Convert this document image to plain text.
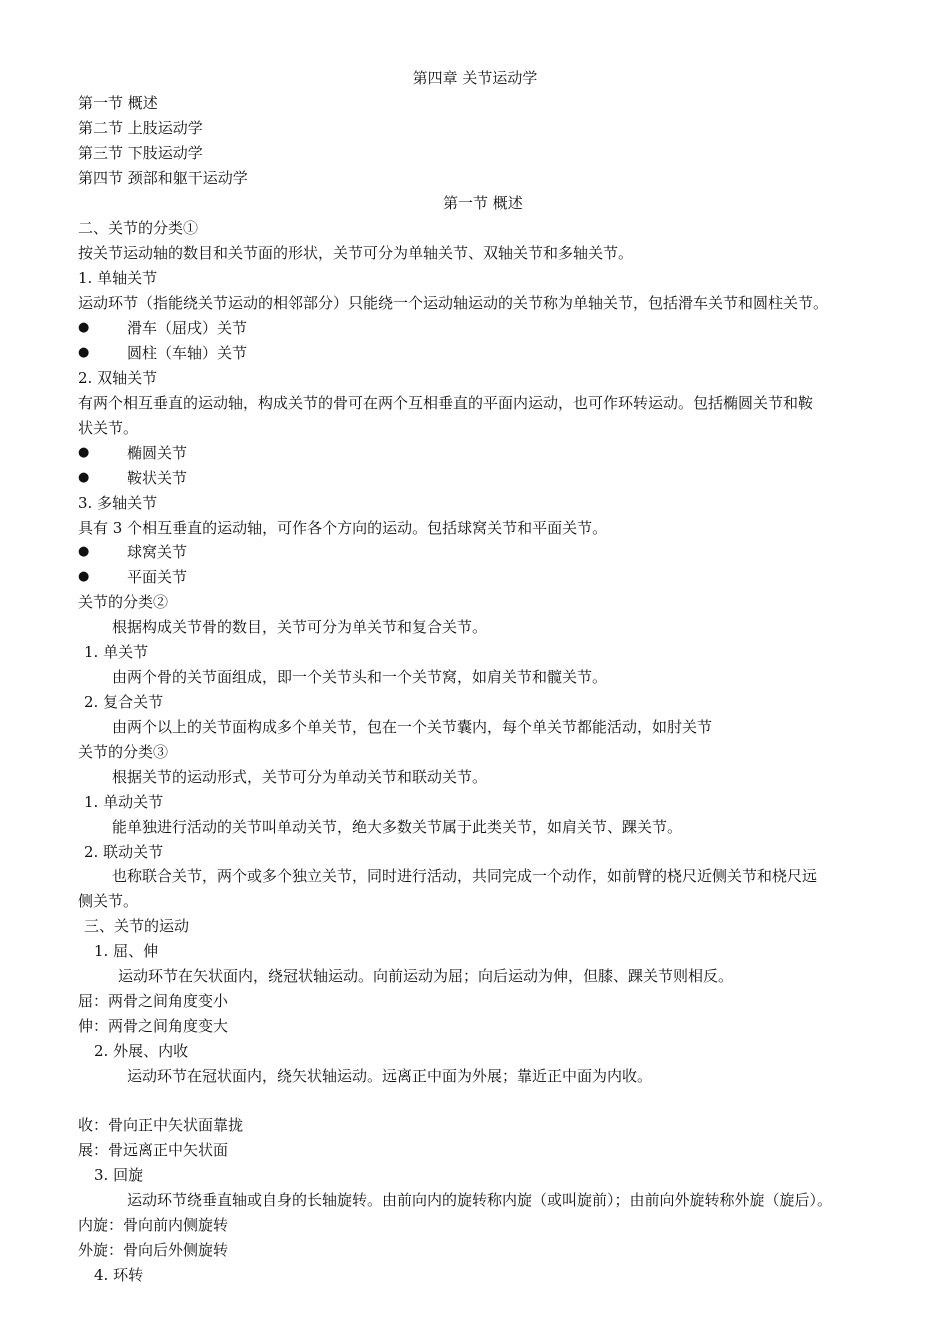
第四章 关节运动学
第一节 概述
第二节 上肢运动学
第三节 下肢运动学
第四节 颈部和躯干运动学
第一节 概述
二、关节的分类①
按关节运动轴的数目和关节面的形状，关节可分为单轴关节、双轴关节和多轴关节。
1. 单轴关节
运动环节（指能绕关节运动的相邻部分）只能绕一个运动轴运动的关节称为单轴关节，包括滑车关节和圆柱关节。
●	滑车（屈戌）关节
●	圆柱（车轴）关节
2. 双轴关节
有两个相互垂直的运动轴，构成关节的骨可在两个互相垂直的平面内运动，也可作环转运动。包括椭圆关节和鞍
状关节。
●	椭圆关节
●	鞍状关节
3. 多轴关节
具有 3 个相互垂直的运动轴，可作各个方向的运动。包括球窝关节和平面关节。
●	球窝关节
●	平面关节
关节的分类②
根据构成关节骨的数目，关节可分为单关节和复合关节。
1. 单关节
由两个骨的关节面组成，即一个关节头和一个关节窝，如肩关节和髋关节。
2. 复合关节
由两个以上的关节面构成多个单关节，包在一个关节囊内，每个单关节都能活动，如肘关节
关节的分类③
根据关节的运动形式，关节可分为单动关节和联动关节。
1. 单动关节
能单独进行活动的关节叫单动关节，绝大多数关节属于此类关节，如肩关节、踝关节。
2. 联动关节
也称联合关节，两个或多个独立关节，同时进行活动，共同完成一个动作，如前臂的桡尺近侧关节和桡尺远
侧关节。
三、关节的运动
1. 屈、伸
运动环节在矢状面内，绕冠状轴运动。向前运动为屈；向后运动为伸，但膝、踝关节则相反。
屈：两骨之间角度变小
伸：两骨之间角度变大
2. 外展、内收
运动环节在冠状面内，绕矢状轴运动。远离正中面为外展；靠近正中面为内收。
收：骨向正中矢状面靠拢
展：骨远离正中矢状面
3. 回旋
运动环节绕垂直轴或自身的长轴旋转。由前向内的旋转称内旋（或叫旋前）；由前向外旋转称外旋（旋后）。
内旋：骨向前内侧旋转
外旋：骨向后外侧旋转
4. 环转
